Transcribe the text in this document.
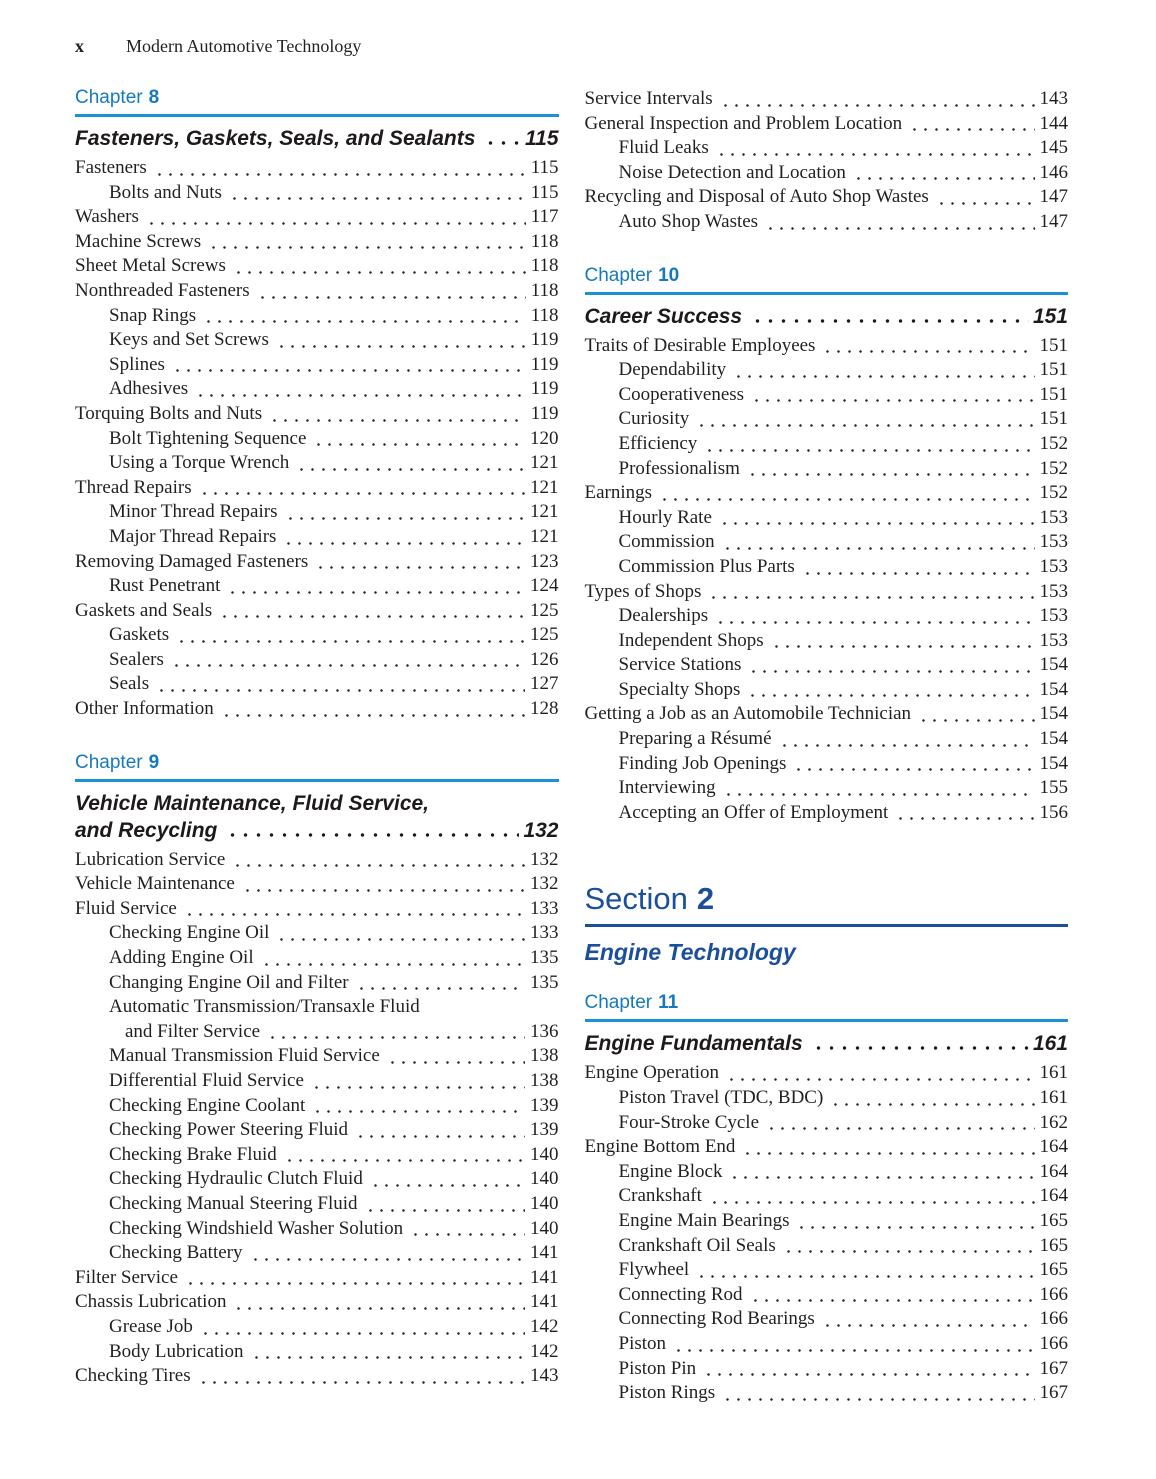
x Modern Automotive Technology
Chapter 8
Fasteners, Gaskets, Seals, and Sealants 115
Fasteners	115
Bolts and Nuts	115
Washers	117
Machine Screws	118
Sheet Metal Screws	118
Nonthreaded Fasteners	118
Snap Rings	118
Keys and Set Screws	119
Splines	119
Adhesives	119
Torquing Bolts and Nuts	119
Bolt Tightening Sequence	120
Using a Torque Wrench	121
Thread Repairs	121
Minor Thread Repairs	121
Major Thread Repairs	121
Removing Damaged Fasteners	123
Rust Penetrant	124
Gaskets and Seals	125
Gaskets	125
Sealers	126
Seals	127
Other Information	128
Chapter 9
Vehicle Maintenance, Fluid Service,
and Recycling	132
Lubrication Service	132
Vehicle Maintenance	132
Fluid Service	133
Checking Engine Oil	133
Adding Engine Oil	135
Changing Engine Oil and Filter	135
Automatic Transmission/Transaxle Fluid
and Filter Service	136
Manual Transmission Fluid Service	138
Differential Fluid Service	138
Checking Engine Coolant	139
Checking Power Steering Fluid	139
Checking Brake Fluid	140
Checking Hydraulic Clutch Fluid	140
Checking Manual Steering Fluid	140
Checking Windshield Washer Solution	140
Checking Battery	141
Filter Service	141
Chassis Lubrication	141
Grease Job	142
Body Lubrication	142
Checking Tires	143
Service Intervals	143
General Inspection and Problem Location	144
Fluid Leaks	145
Noise Detection and Location	146
Recycling and Disposal of Auto Shop Wastes	147
Auto Shop Wastes	147
Chapter 10
Career Success	151
Traits of Desirable Employees	151
Dependability	151
Cooperativeness	151
Curiosity	151
Efficiency	152
Professionalism	152
Earnings	152
Hourly Rate	153
Commission	153
Commission Plus Parts	153
Types of Shops	153
Dealerships	153
Independent Shops	153
Service Stations	154
Specialty Shops	154
Getting a Job as an Automobile Technician	154
Preparing a Résumé	154
Finding Job Openings	154
Interviewing	155
Accepting an Offer of Employment	156
Section 2
Engine Technology
Chapter 11
Engine Fundamentals	161
Engine Operation	161
Piston Travel (TDC, BDC)	161
Four-Stroke Cycle	162
Engine Bottom End	164
Engine Block	164
Crankshaft	164
Engine Main Bearings	165
Crankshaft Oil Seals	165
Flywheel	165
Connecting Rod	166
Connecting Rod Bearings	166
Piston	166
Piston Pin	167
Piston Rings	167
